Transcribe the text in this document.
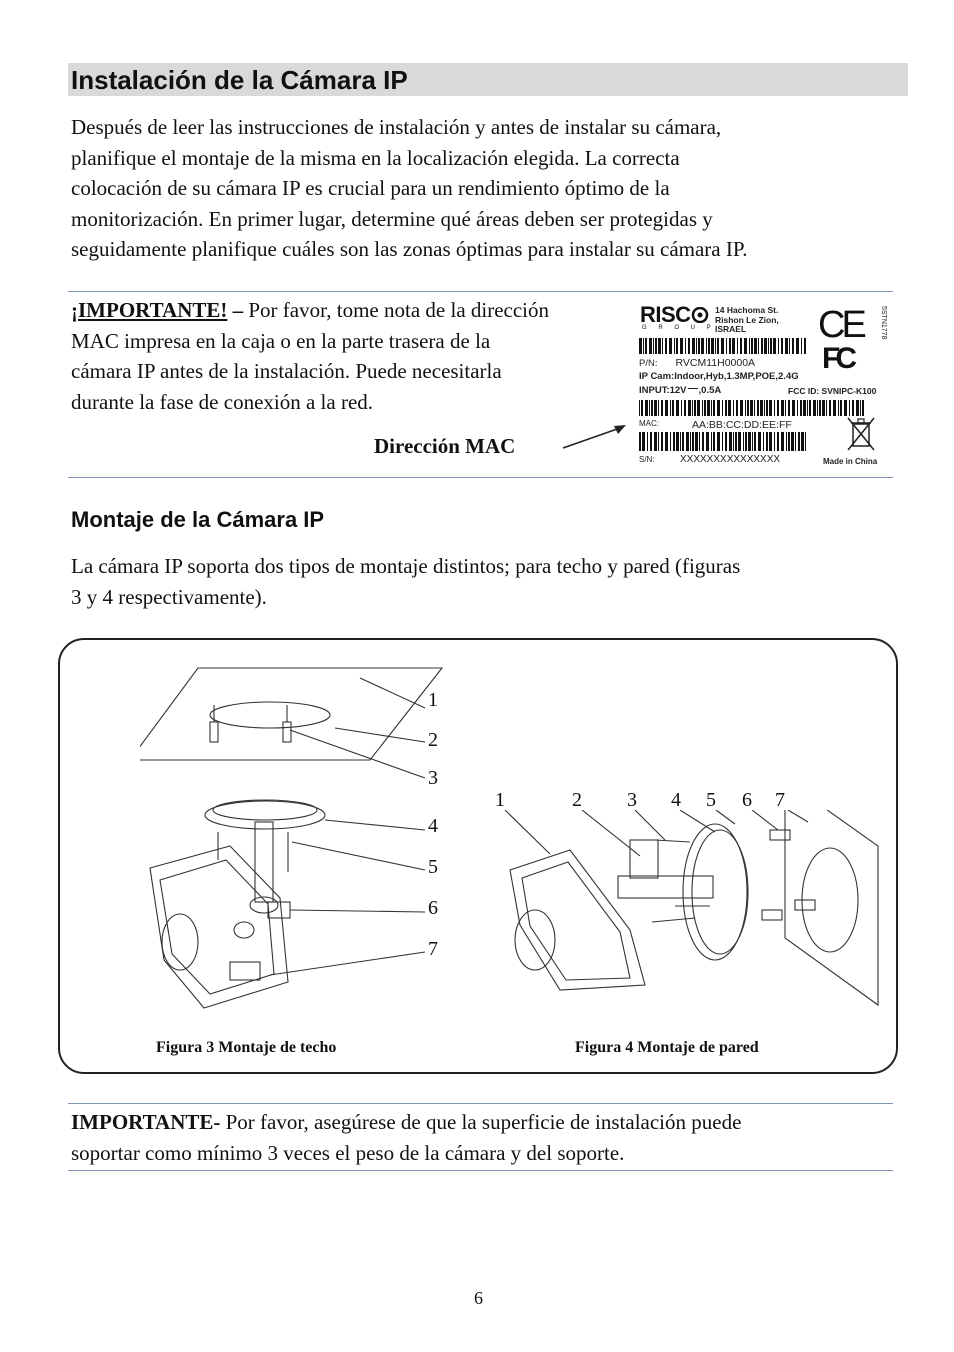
Instalación de la Cámara IP
Después de leer las instrucciones de instalación y antes de instalar su cámara,
planifique el montaje de la misma en la localización elegida. La correcta
colocación de su cámara IP es crucial para un rendimiento óptimo de la
monitorización. En primer lugar, determine qué áreas deben ser protegidas y
seguidamente planifique cuáles son las zonas óptimas para instalar su cámara IP.
¡IMPORTANTE! – Por favor, tome nota de la dirección
MAC impresa en la caja o en la parte trasera de la
cámara IP antes de la instalación. Puede necesitarla
durante la fase de conexión a la red.
Dirección MAC
RISC
G R O U P
14 Hachoma St.
Rishon Le Zion,
ISRAEL	CE
FC
5STN1778
P/N: RVCM11H0000A
IP Cam:Indoor,Hyb,1.3MP,POE,2.4G
INPUT:12V ,0.5A	FCC ID: SVNIPC-K100
MAC:	AA:BB:CC:DD:EE:FF
S/N:	XXXXXXXXXXXXXXX	Made in China
Montaje de la Cámara IP
La cámara IP soporta dos tipos de montaje distintos; para techo y pared (figuras
3 y 4 respectivamente).
1
2
3
4
5
6
7
Figura 3 Montaje de techo
1	2 3 4 5 6 7
Figura 4 Montaje de pared
IMPORTANTE- Por favor, asegúrese de que la superficie de instalación puede
soportar como mínimo 3 veces el peso de la cámara y del soporte.
6
